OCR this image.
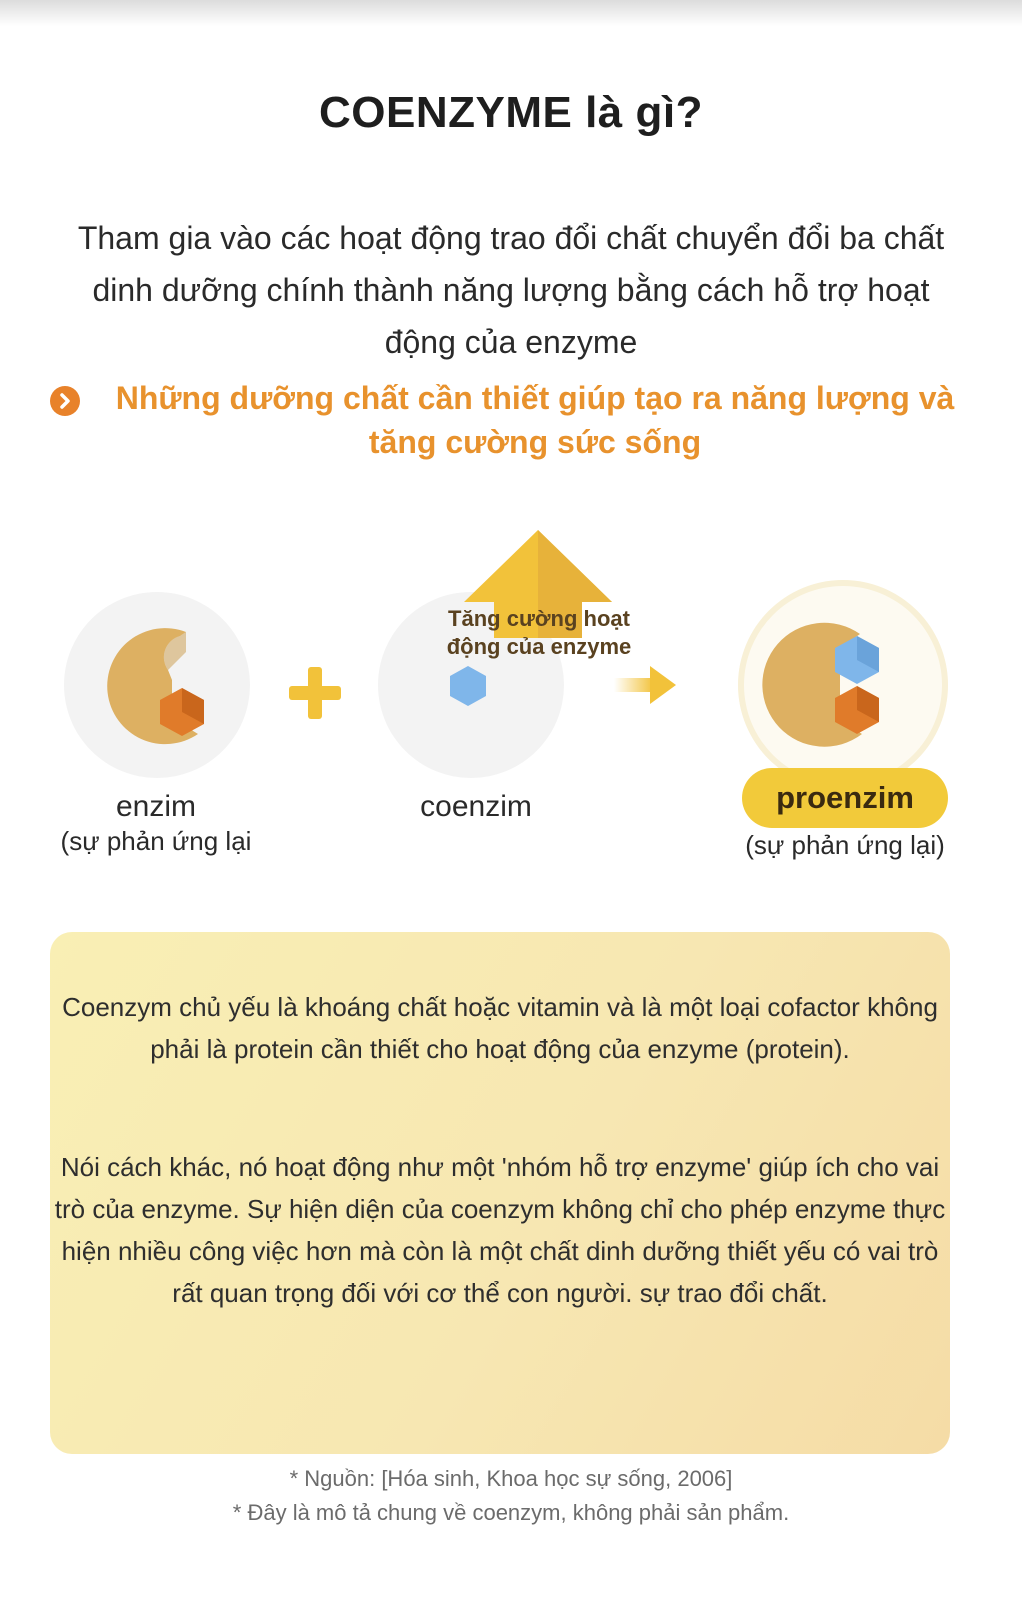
COENZYME là gì?
Tham gia vào các hoạt động trao đổi chất chuyển đổi ba chất dinh dưỡng chính thành năng lượng bằng cách hỗ trợ hoạt động của enzyme
Những dưỡng chất cần thiết giúp tạo ra năng lượng và tăng cường sức sống
Tăng cường hoạt động của enzyme
enzim
(sự phản ứng lại
coenzim	proenzim
(sự phản ứng lại)
Coenzym chủ yếu là khoáng chất hoặc vitamin và là một loại cofactor không phải là protein cần thiết cho hoạt động của enzyme (protein).
Nói cách khác, nó hoạt động như một 'nhóm hỗ trợ enzyme' giúp ích cho vai trò của enzyme. Sự hiện diện của coenzym không chỉ cho phép enzyme thực hiện nhiều công việc hơn mà còn là một chất dinh dưỡng thiết yếu có vai trò rất quan trọng đối với cơ thể con người. sự trao đổi chất.
* Nguồn: [Hóa sinh, Khoa học sự sống, 2006]
* Đây là mô tả chung về coenzym, không phải sản phẩm.
